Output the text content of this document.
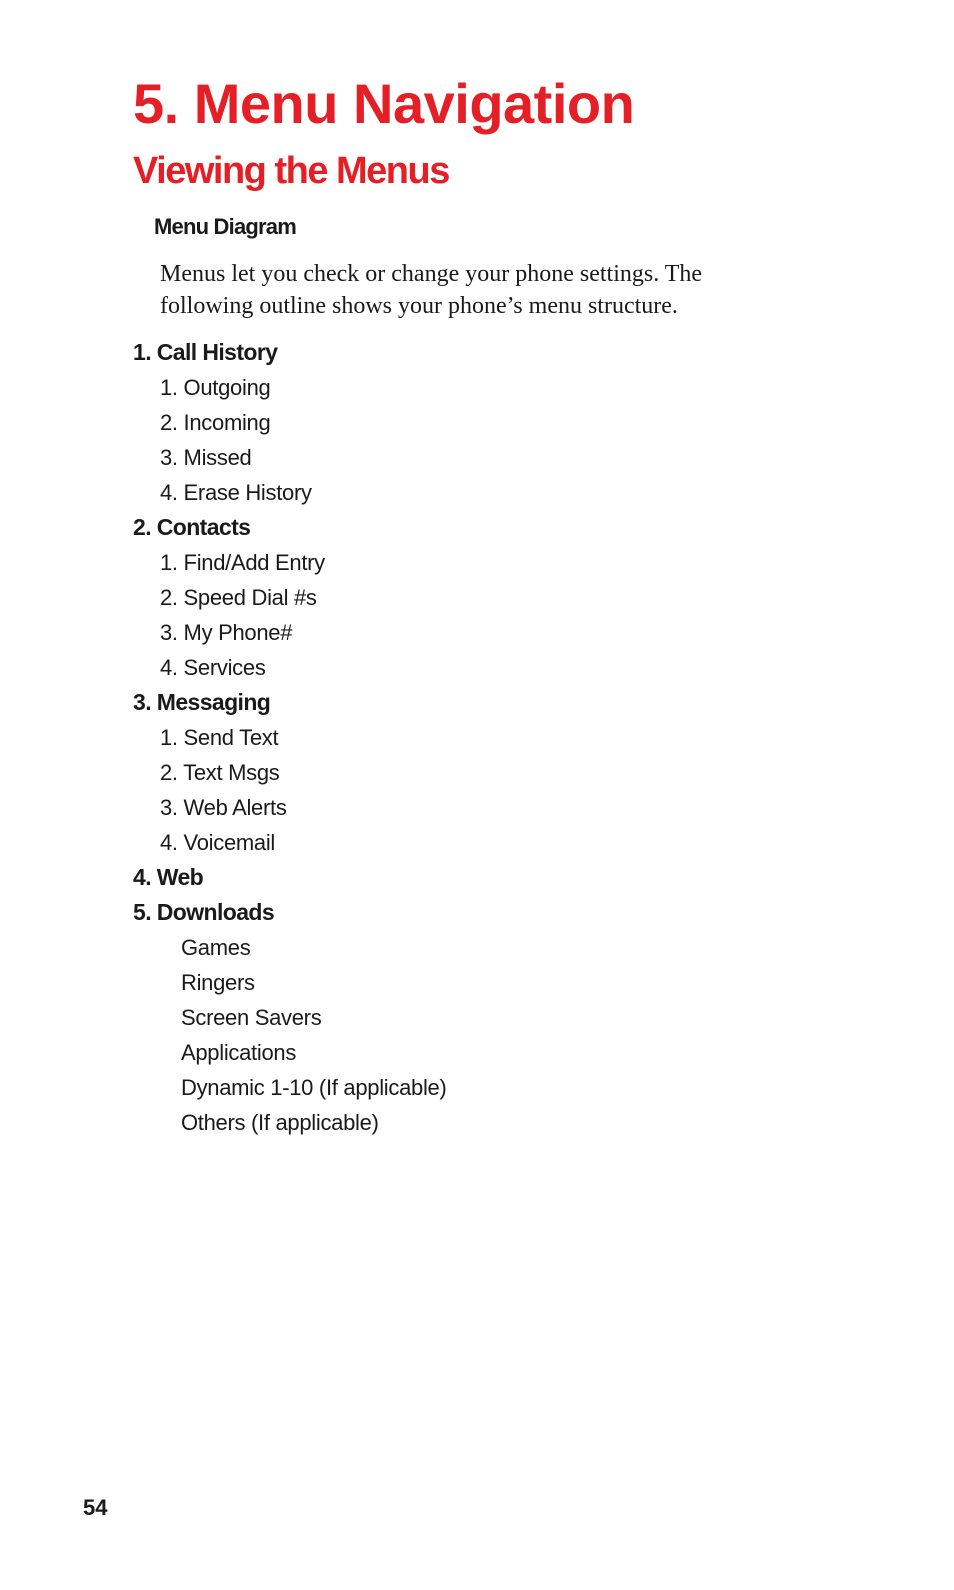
5. Menu Navigation
Viewing the Menus
Menu Diagram

Menus let you check or change your phone settings. The following outline shows your phone’s menu structure.

1. Call History
1. Outgoing
2. Incoming
3. Missed
4. Erase History
2. Contacts
1. Find/Add Entry
2. Speed Dial #s
3. My Phone#
4. Services
3. Messaging
1. Send Text
2. Text Msgs
3. Web Alerts
4. Voicemail
4. Web
5. Downloads
Games
Ringers
Screen Savers
Applications
Dynamic 1-10 (If applicable)
Others (If applicable)
54
